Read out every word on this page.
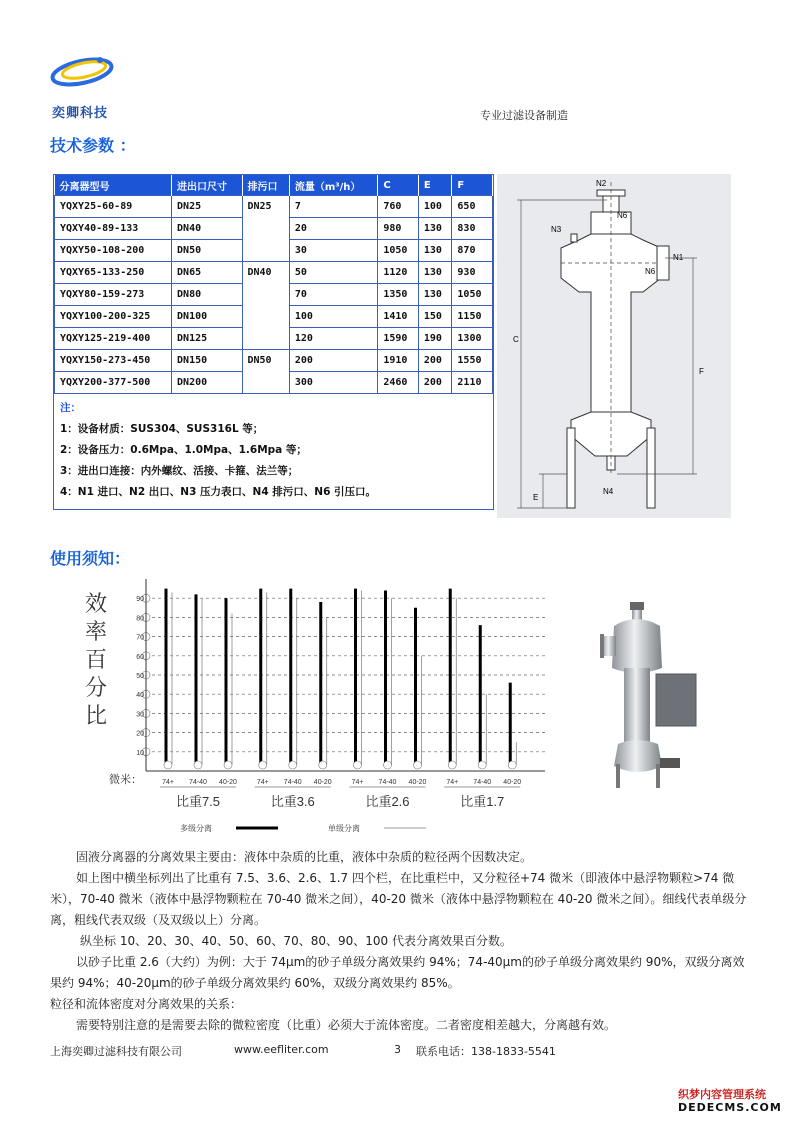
奕卿科技	专业过滤设备制造
技术参数 ：
分离器型号	进出口尺寸	排污口	流量（m³/h）	C	E	F
YQXY25-60-89	DN25	DN25	7	760	100	650
YQXY40-89-133	DN40		20	980	130	830
YQXY50-108-200	DN50		30	1050	130	870
YQXY65-133-250	DN65	DN40	50	1120	130	930
YQXY80-159-273	DN80		70	1350	130	1050
YQXY100-200-325	DN100		100	1410	150	1150
YQXY125-219-400	DN125		120	1590	190	1300
YQXY150-273-450	DN150	DN50	200	1910	200	1550
YQXY200-377-500	DN200		300	2460	200	2110
注：
1：设备材质：SUS304、SUS316L 等；
2：设备压力：0.6Mpa、1.0Mpa、1.6Mpa 等；
3：进出口连接：内外螺纹、活接、卡箍、法兰等；
4：N1 进口、N2 出口、N3 压力表口、N4 排污口、N6 引压口。
N2
N6
N3
N1
N6
C
F
E
N4
使用须知：
10
20
30
40
50
60
70
80
90
效
率
百
分
比
74+ 74-40 40-20
比重7.5
74+ 74-40 40-20
比重3.6
74+ 74-40 40-20
比重2.6
74+ 74-40 40-20
比重1.7
微米：
多级分离	单级分离

固液分离器的分离效果主要由：液体中杂质的比重，液体中杂质的粒径两个因数决定。

如上图中横坐标列出了比重有 7.5、3.6、2.6、1.7 四个栏，在比重栏中，又分粒径+74 微米（即液体中悬浮物颗粒>74 微米），70-40 微米（液体中悬浮物颗粒在 70-40 微米之间），40-20 微米（液体中悬浮物颗粒在 40-20 微米之间）。细线代表单级分离，粗线代表双级（及双级以上）分离。

纵坐标 10、20、30、40、50、60、70、80、90、100 代表分离效果百分数。

以砂子比重 2.6（大约）为例：大于 74μm的砂子单级分离效果约 94%；74-40μm的砂子单级分离效果约 90%，双级分离效果约 94%；40-20μm的砂子单级分离效果约 60%，双级分离效果约 85%。

粒径和流体密度对分离效果的关系：

需要特别注意的是需要去除的微粒密度（比重）必须大于流体密度。二者密度相差越大，分离越有效。

上海奕卿过滤科技有限公司	www.eefliter.com	3 联系电话：138-1833-5541
织梦内容管理系统
DEDECMS.COM
